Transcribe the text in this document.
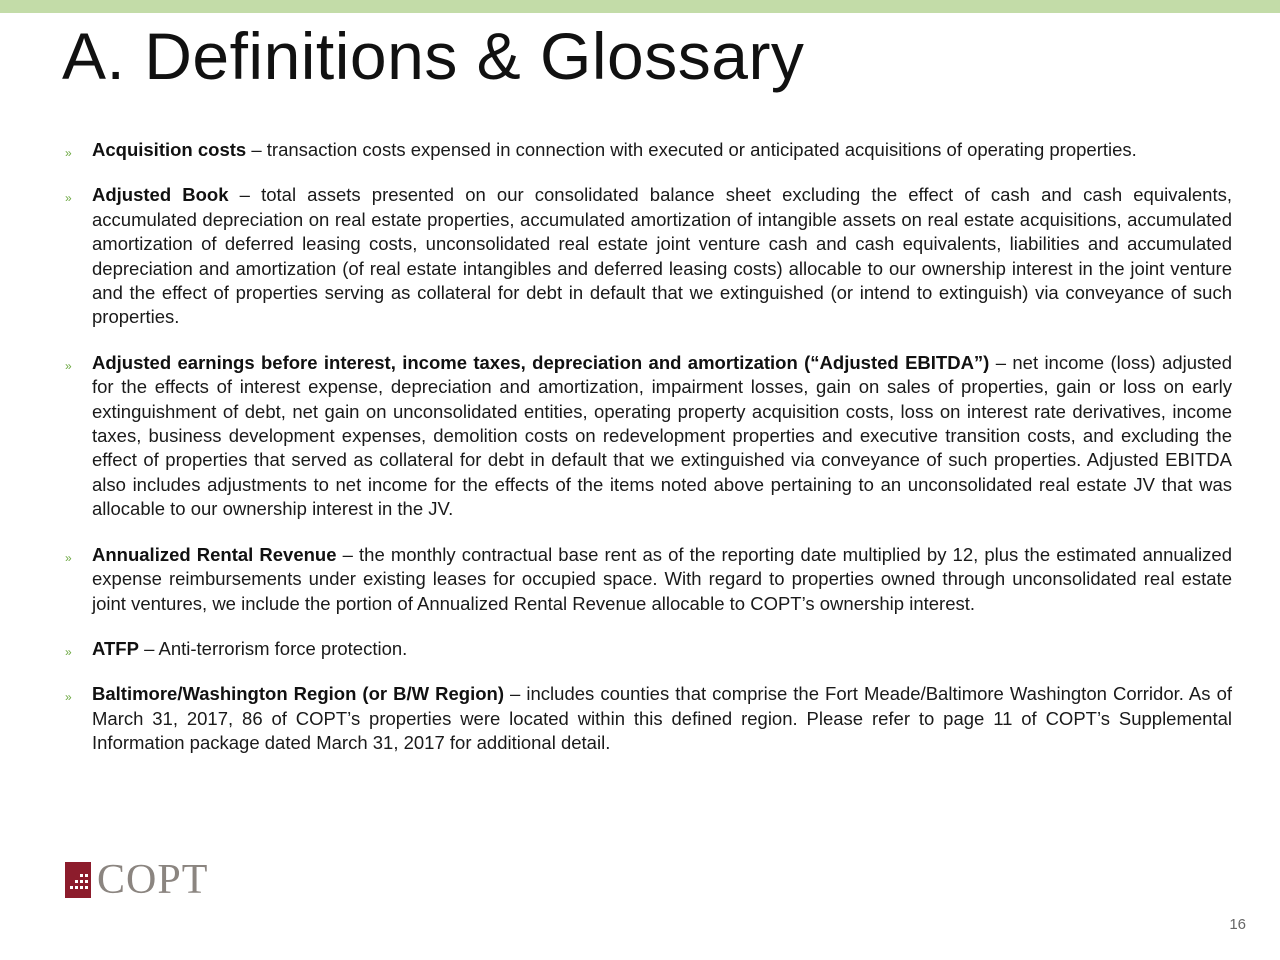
A. Definitions & Glossary
» Acquisition costs – transaction costs expensed in connection with executed or anticipated acquisitions of operating properties.
» Adjusted Book – total assets presented on our consolidated balance sheet excluding the effect of cash and cash equivalents, accumulated depreciation on real estate properties, accumulated amortization of intangible assets on real estate acquisitions, accumulated amortization of deferred leasing costs, unconsolidated real estate joint venture cash and cash equivalents, liabilities and accumulated depreciation and amortization (of real estate intangibles and deferred leasing costs) allocable to our ownership interest in the joint venture and the effect of properties serving as collateral for debt in default that we extinguished (or intend to extinguish) via conveyance of such properties.
» Adjusted earnings before interest, income taxes, depreciation and amortization (“Adjusted EBITDA”) – net income (loss) adjusted for the effects of interest expense, depreciation and amortization, impairment losses, gain on sales of properties, gain or loss on early extinguishment of debt, net gain on unconsolidated entities, operating property acquisition costs, loss on interest rate derivatives, income taxes, business development expenses, demolition costs on redevelopment properties and executive transition costs, and excluding the effect of properties that served as collateral for debt in default that we extinguished via conveyance of such properties. Adjusted EBITDA also includes adjustments to net income for the effects of the items noted above pertaining to an unconsolidated real estate JV that was allocable to our ownership interest in the JV.
» Annualized Rental Revenue – the monthly contractual base rent as of the reporting date multiplied by 12, plus the estimated annualized expense reimbursements under existing leases for occupied space. With regard to properties owned through unconsolidated real estate joint ventures, we include the portion of Annualized Rental Revenue allocable to COPT’s ownership interest.
» ATFP – Anti-terrorism force protection.
» Baltimore/Washington Region (or B/W Region) – includes counties that comprise the Fort Meade/Baltimore Washington Corridor. As of March 31, 2017, 86 of COPT’s properties were located within this defined region. Please refer to page 11 of COPT’s Supplemental Information package dated March 31, 2017 for additional detail.
COPT
16
